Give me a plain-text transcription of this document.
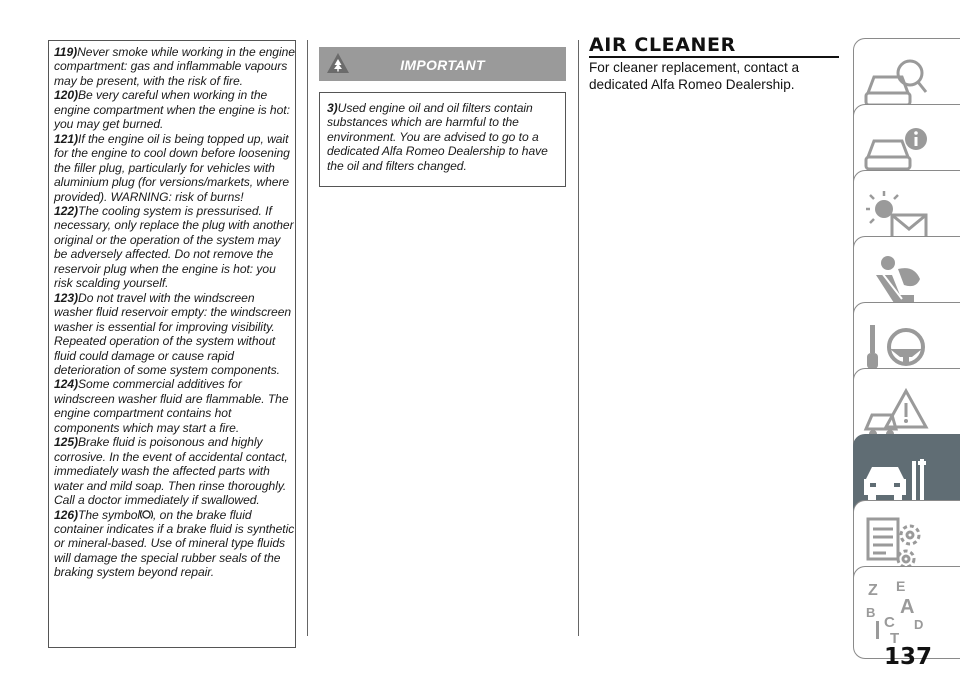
119)Never smoke while working in the engine compartment: gas and inflammable vapours may be present, with the risk of fire.

120)Be very careful when working in the engine compartment when the engine is hot: you may get burned.

121)If the engine oil is being topped up, wait for the engine to cool down before loosening the filler plug, particularly for vehicles with aluminium plug (for versions/markets, where provided). WARNING: risk of burns!

122)The cooling system is pressurised. If necessary, only replace the plug with another original or the operation of the system may be adversely affected. Do not remove the reservoir plug when the engine is hot: you risk scalding yourself.

123)Do not travel with the windscreen washer fluid reservoir empty: the windscreen washer is essential for improving visibility. Repeated operation of the system without fluid could damage or cause rapid deterioration of some system components.

124)Some commercial additives for windscreen washer fluid are flammable. The engine compartment contains hot components which may start a fire.

125)Brake fluid is poisonous and highly corrosive. In the event of accidental contact, immediately wash the affected parts with water and mild soap. Then rinse thoroughly. Call a doctor immediately if swallowed.

126)The symbol , on the brake fluid container indicates if a brake fluid is synthetic or mineral-based. Use of mineral type fluids will damage the special rubber seals of the braking system beyond repair.

IMPORTANT

3)Used engine oil and oil filters contain substances which are harmful to the environment. You are advised to go to a dedicated Alfa Romeo Dealership to have the oil and filters changed.

AIR CLEANER

For cleaner replacement, contact a dedicated Alfa Romeo Dealership.

Z E
A
B
C D
T

137
